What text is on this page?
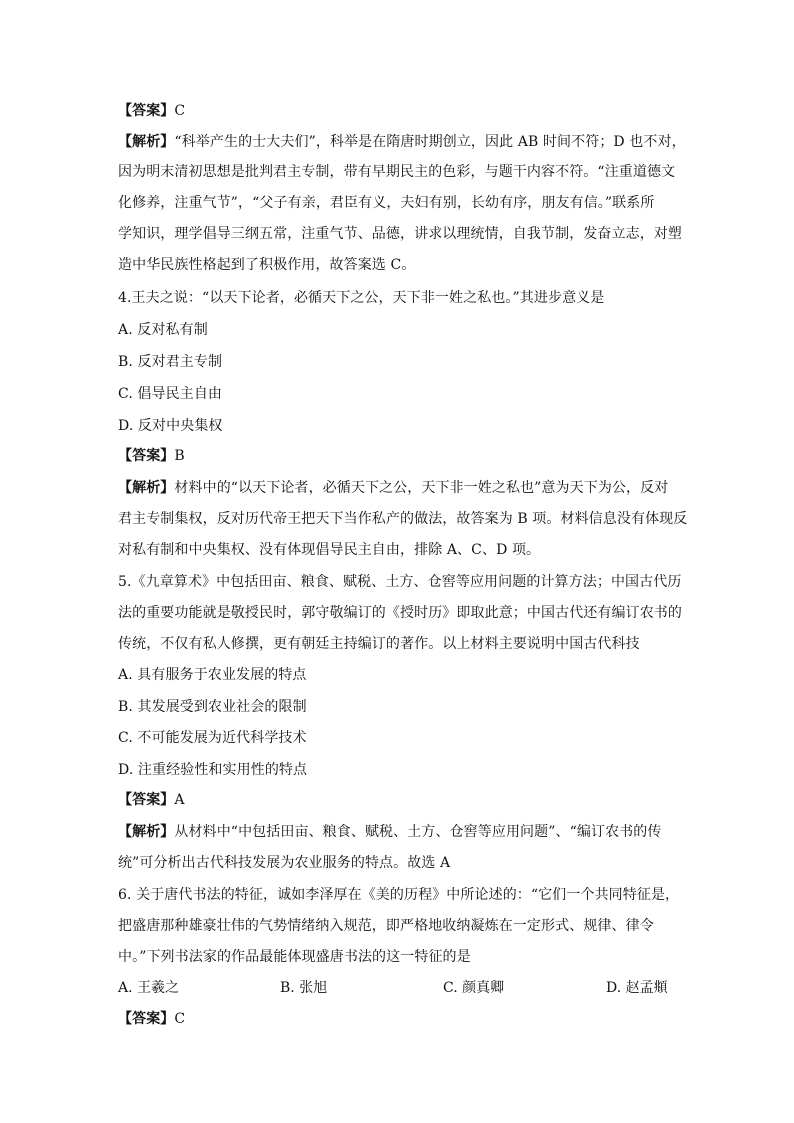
【答案】C
【解析】“科举产生的士大夫们”，科举是在隋唐时期创立，因此 AB 时间不符；D 也不对，
因为明末清初思想是批判君主专制，带有早期民主的色彩，与题干内容不符。“注重道德文
化修养，注重气节”，“父子有亲，君臣有义，夫妇有别，长幼有序，朋友有信。”联系所
学知识，理学倡导三纲五常，注重气节、品德，讲求以理统情，自我节制，发奋立志，对塑
造中华民族性格起到了积极作用，故答案选 C。
4.王夫之说：“以天下论者，必循天下之公，天下非一姓之私也。”其进步意义是
A. 反对私有制
B. 反对君主专制
C. 倡导民主自由
D. 反对中央集权
【答案】B
【解析】材料中的“以天下论者，必循天下之公，天下非一姓之私也”意为天下为公，反对
君主专制集权，反对历代帝王把天下当作私产的做法，故答案为 B 项。材料信息没有体现反
对私有制和中央集权、没有体现倡导民主自由，排除 A、C、D 项。
5.《九章算术》中包括田亩、粮食、赋税、土方、仓窖等应用问题的计算方法；中国古代历
法的重要功能就是敬授民时，郭守敬编订的《授时历》即取此意；中国古代还有编订农书的
传统，不仅有私人修撰，更有朝廷主持编订的著作。以上材料主要说明中国古代科技
A. 具有服务于农业发展的特点
B. 其发展受到农业社会的限制
C. 不可能发展为近代科学技术
D. 注重经验性和实用性的特点
【答案】A
【解析】从材料中“中包括田亩、粮食、赋税、土方、仓窖等应用问题”、“编订农书的传
统”可分析出古代科技发展为农业服务的特点。故选 A
6. 关于唐代书法的特征，诚如李泽厚在《美的历程》中所论述的：“它们一个共同特征是，
把盛唐那种雄豪壮伟的气势情绪纳入规范，即严格地收纳凝炼在一定形式、规律、律令
中。”下列书法家的作品最能体现盛唐书法的这一特征的是
A. 王羲之	B. 张旭	C. 颜真卿	D. 赵孟頫
【答案】C
